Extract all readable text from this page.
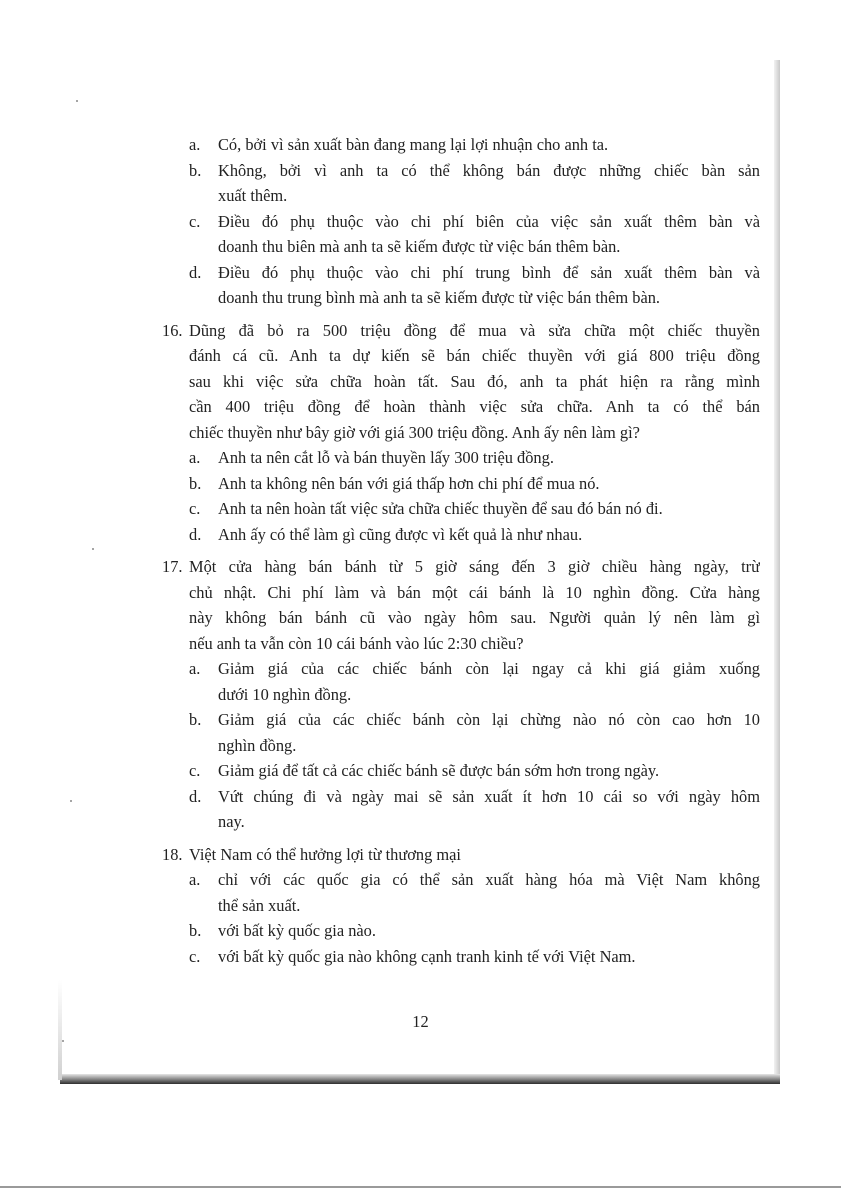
a. Có, bởi vì sản xuất bàn đang mang lại lợi nhuận cho anh ta.
b. Không, bởi vì anh ta có thể không bán được những chiếc bàn sản
xuất thêm.
c. Điều đó phụ thuộc vào chi phí biên của việc sản xuất thêm bàn và
doanh thu biên mà anh ta sẽ kiếm được từ việc bán thêm bàn.
d. Điều đó phụ thuộc vào chi phí trung bình để sản xuất thêm bàn và
doanh thu trung bình mà anh ta sẽ kiếm được từ việc bán thêm bàn.
16. Dũng đã bỏ ra 500 triệu đồng để mua và sửa chữa một chiếc thuyền
đánh cá cũ. Anh ta dự kiến sẽ bán chiếc thuyền với giá 800 triệu đồng
sau khi việc sửa chữa hoàn tất. Sau đó, anh ta phát hiện ra rằng mình
cần 400 triệu đồng để hoàn thành việc sửa chữa. Anh ta có thể bán
chiếc thuyền như bây giờ với giá 300 triệu đồng. Anh ấy nên làm gì?
a. Anh ta nên cắt lỗ và bán thuyền lấy 300 triệu đồng.
b. Anh ta không nên bán với giá thấp hơn chi phí để mua nó.
c. Anh ta nên hoàn tất việc sửa chữa chiếc thuyền để sau đó bán nó đi.
d. Anh ấy có thể làm gì cũng được vì kết quả là như nhau.
17. Một cửa hàng bán bánh từ 5 giờ sáng đến 3 giờ chiều hàng ngày, trừ
chủ nhật. Chi phí làm và bán một cái bánh là 10 nghìn đồng. Cửa hàng
này không bán bánh cũ vào ngày hôm sau. Người quản lý nên làm gì
nếu anh ta vẫn còn 10 cái bánh vào lúc 2:30 chiều?
a. Giảm giá của các chiếc bánh còn lại ngay cả khi giá giảm xuống
dưới 10 nghìn đồng.
b. Giảm giá của các chiếc bánh còn lại chừng nào nó còn cao hơn 10
nghìn đồng.
c. Giảm giá để tất cả các chiếc bánh sẽ được bán sớm hơn trong ngày.
d. Vứt chúng đi và ngày mai sẽ sản xuất ít hơn 10 cái so với ngày hôm
nay.
18. Việt Nam có thể hưởng lợi từ thương mại
a. chỉ với các quốc gia có thể sản xuất hàng hóa mà Việt Nam không
thể sản xuất.
b. với bất kỳ quốc gia nào.
c. với bất kỳ quốc gia nào không cạnh tranh kinh tế với Việt Nam.
12
